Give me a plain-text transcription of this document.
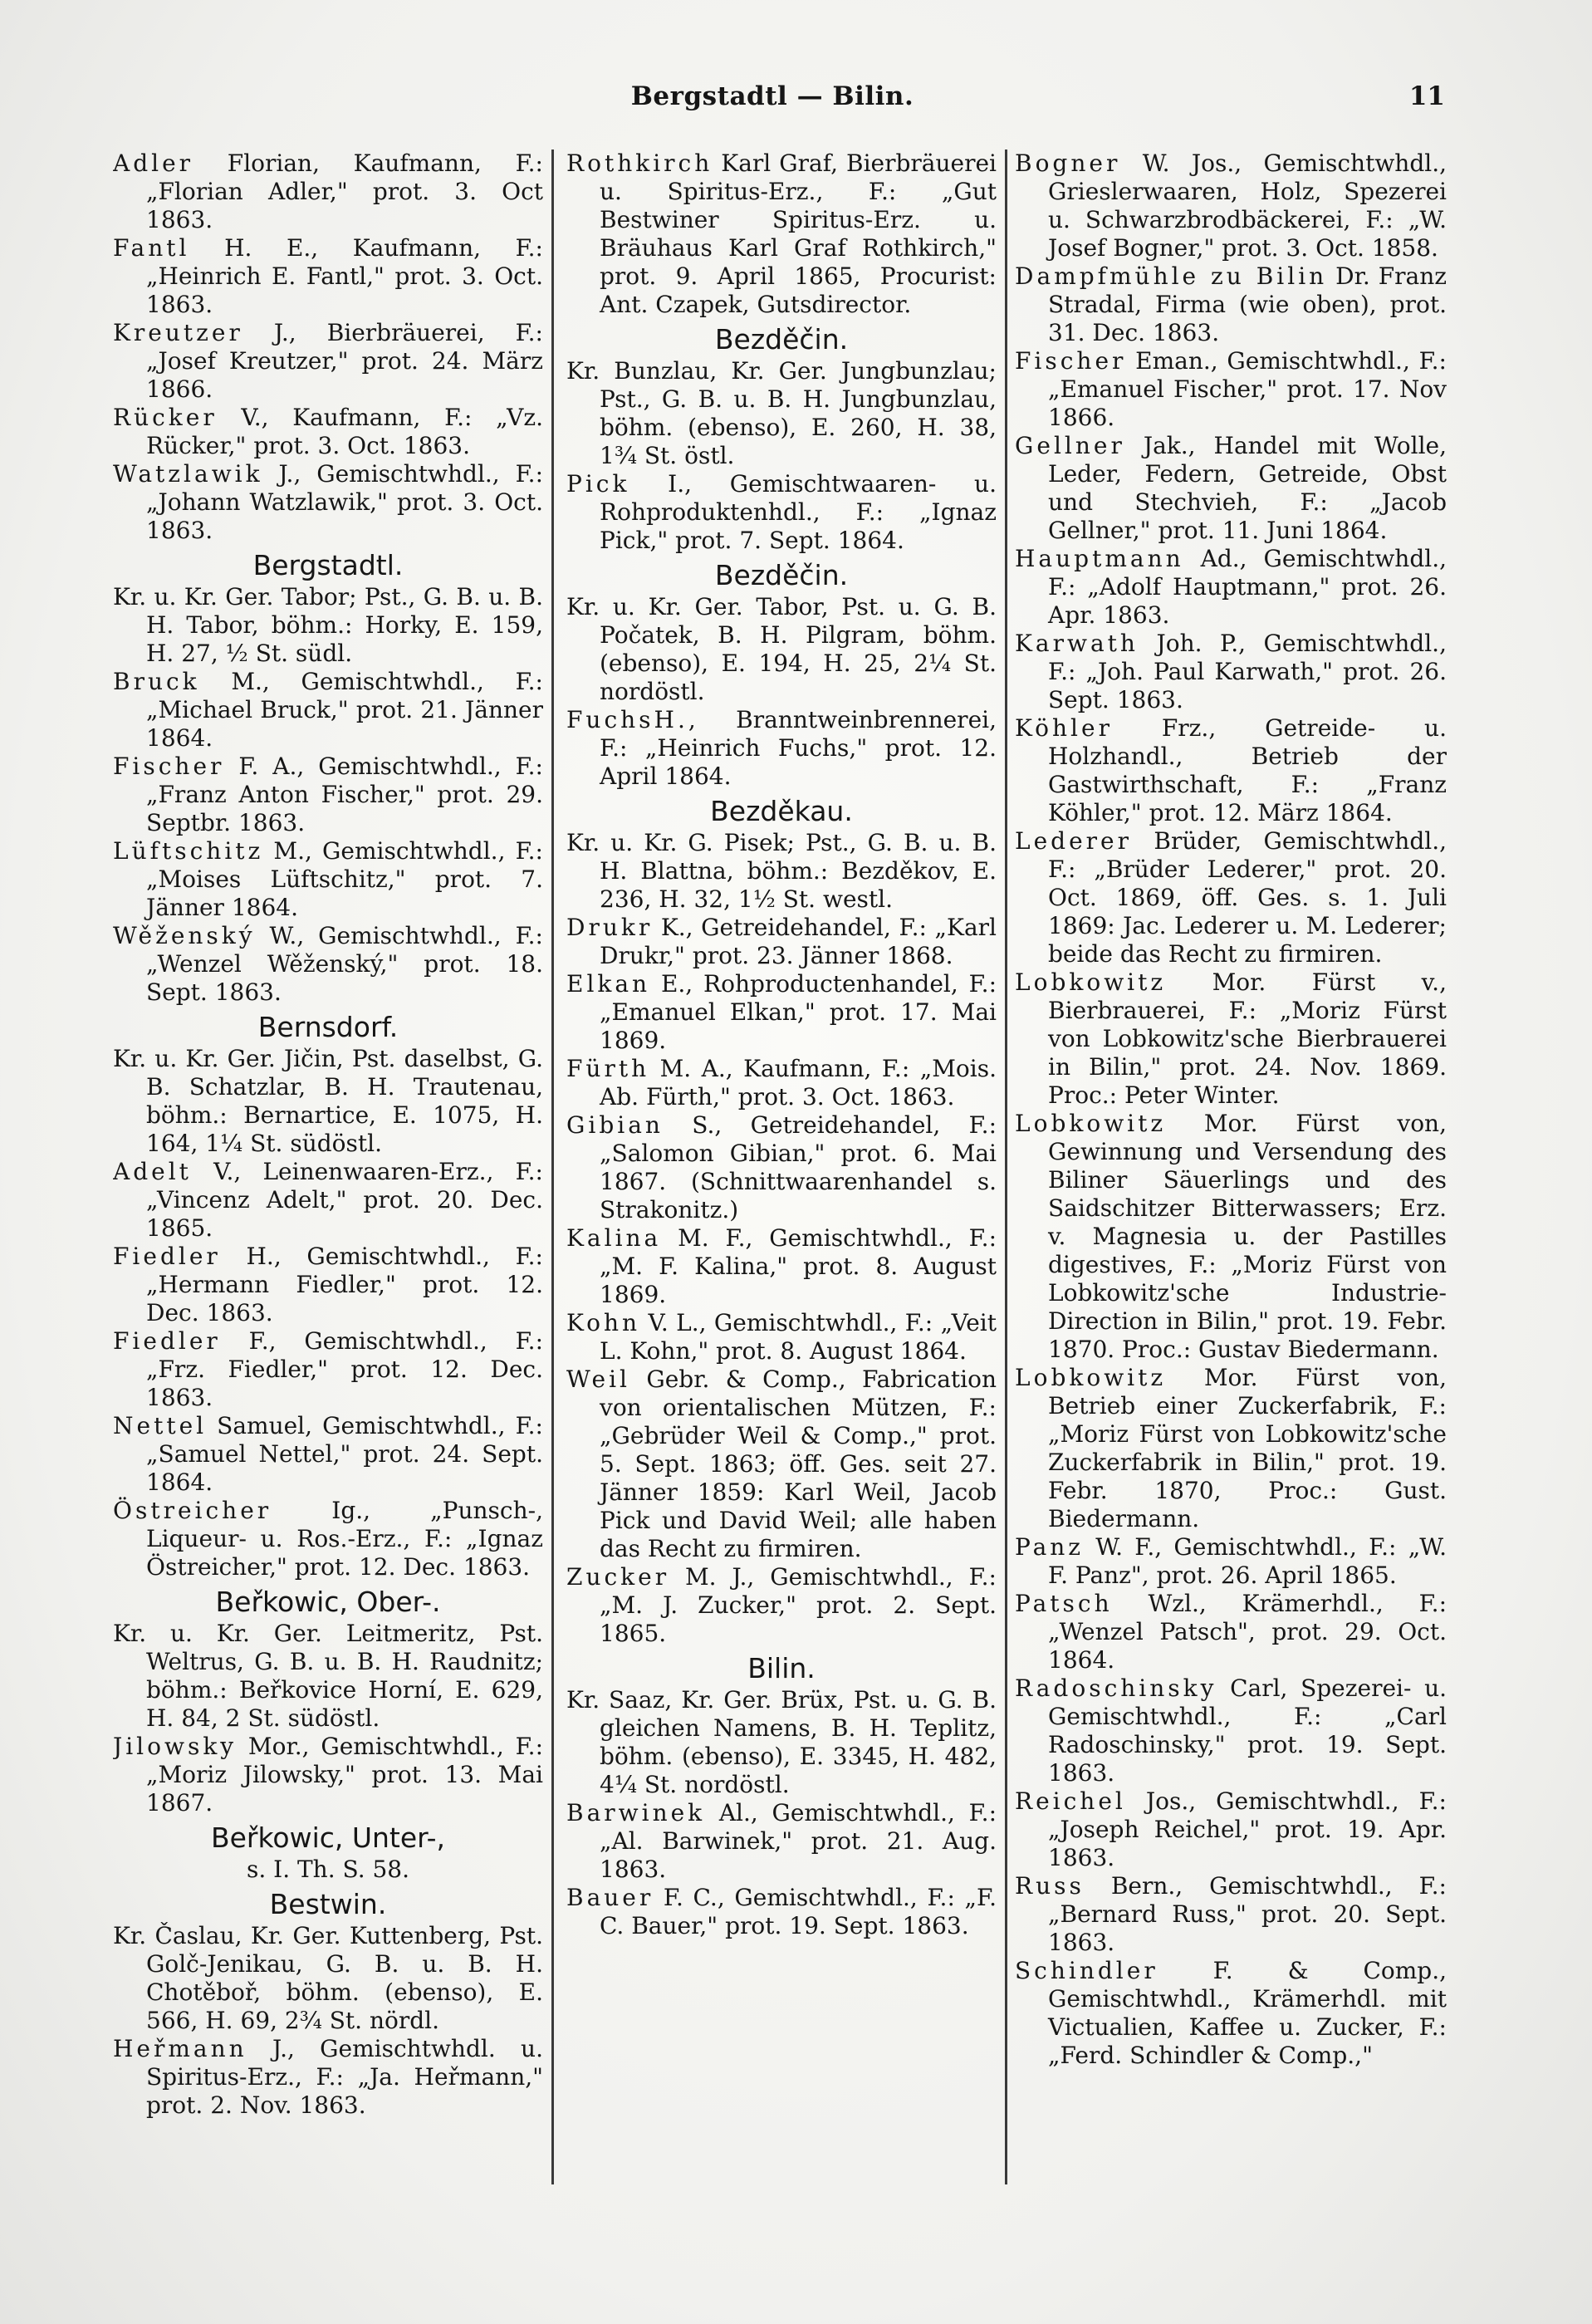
Bergstadtl — Bilin.	11

Adler Florian, Kaufmann, F.: „Florian Adler," prot. 3. Oct 1863.

Fantl H. E., Kaufmann, F.: „Heinrich E. Fantl," prot. 3. Oct. 1863.

Kreutzer J., Bierbräuerei, F.: „Josef Kreutzer," prot. 24. März 1866.

Rücker V., Kaufmann, F.: „Vz. Rücker," prot. 3. Oct. 1863.

Watzlawik J., Gemischtwhdl., F.: „Johann Watzlawik," prot. 3. Oct. 1863.

Bergstadtl.

Kr. u. Kr. Ger. Tabor; Pst., G. B. u. B. H. Tabor, böhm.: Horky, E. 159, H. 27, ½ St. südl.

Bruck M., Gemischtwhdl., F.: „Michael Bruck," prot. 21. Jänner 1864.

Fischer F. A., Gemischtwhdl., F.: „Franz Anton Fischer," prot. 29. Septbr. 1863.

Lüftschitz M., Gemischtwhdl., F.: „Moises Lüftschitz," prot. 7. Jänner 1864.

Wěženský W., Gemischtwhdl., F.: „Wenzel Wěženský," prot. 18. Sept. 1863.

Bernsdorf.

Kr. u. Kr. Ger. Jičin, Pst. daselbst, G. B. Schatzlar, B. H. Trautenau, böhm.: Bernartice, E. 1075, H. 164, 1¼ St. südöstl.

Adelt V., Leinenwaaren-Erz., F.: „Vincenz Adelt," prot. 20. Dec. 1865.

Fiedler H., Gemischtwhdl., F.: „Hermann Fiedler," prot. 12. Dec. 1863.

Fiedler F., Gemischtwhdl., F.: „Frz. Fiedler," prot. 12. Dec. 1863.

Nettel Samuel, Gemischtwhdl., F.: „Samuel Nettel," prot. 24. Sept. 1864.

Östreicher	Ig., „Punsch-, Liqueur- u. Ros.-Erz., F.: „Ignaz Östreicher," prot. 12. Dec. 1863.

Beřkowic, Ober-.

Kr. u. Kr. Ger. Leitmeritz, Pst. Weltrus, G. B. u. B. H. Raudnitz; böhm.: Beřkovice Horní, E. 629, H. 84, 2 St. südöstl.

Jilowsky Mor., Gemischtwhdl., F.: „Moriz Jilowsky," prot. 13. Mai 1867.

Beřkowic, Unter-,

s. I. Th. S. 58.

Bestwin.

Kr. Časlau, Kr. Ger. Kuttenberg, Pst. Golč-Jenikau, G. B. u. B. H. Chotěboř, böhm. (ebenso), E. 566, H. 69, 2¾ St. nördl.

Heřmann J., Gemischtwhdl. u. Spiritus-Erz., F.: „Ja. Heřmann," prot. 2. Nov. 1863.

Rothkirch Karl Graf, Bierbräuerei u. Spiritus-Erz., F.: „Gut Bestwiner Spiritus-Erz. u. Bräuhaus Karl Graf Rothkirch," prot. 9. April 1865, Procurist: Ant. Czapek, Gutsdirector.

Bezděčin.

Kr. Bunzlau, Kr. Ger. Jungbunzlau; Pst., G. B. u. B. H. Jungbunzlau, böhm. (ebenso), E. 260, H. 38, 1¾ St. östl.

Pick I., Gemischtwaaren- u. Rohproduktenhdl., F.: „Ignaz Pick," prot. 7. Sept. 1864.

Bezděčin.

Kr. u. Kr. Ger. Tabor, Pst. u. G. B. Počatek, B. H. Pilgram, böhm. (ebenso), E. 194, H. 25, 2¼ St. nordöstl.

FuchsH., Branntweinbrennerei, F.: „Heinrich Fuchs," prot. 12. April 1864.

Bezděkau.

Kr. u. Kr. G. Pisek; Pst., G. B. u. B. H. Blattna, böhm.: Bezděkov, E. 236, H. 32, 1½ St. westl.

Drukr K., Getreidehandel, F.: „Karl Drukr," prot. 23. Jänner 1868.

Elkan E., Rohproductenhandel, F.: „Emanuel Elkan," prot. 17. Mai 1869.

Fürth M. A., Kaufmann, F.: „Mois. Ab. Fürth," prot. 3. Oct. 1863.

Gibian S., Getreidehandel, F.: „Salomon Gibian," prot. 6. Mai 1867. (Schnittwaarenhandel s. Strakonitz.)

Kalina M. F., Gemischtwhdl., F.: „M. F. Kalina," prot. 8. August 1869.

Kohn V. L., Gemischtwhdl., F.: „Veit L. Kohn," prot. 8. August 1864.

Weil Gebr. & Comp., Fabrication von orientalischen Mützen, F.: „Gebrüder Weil & Comp.," prot. 5. Sept. 1863; öff. Ges. seit 27. Jänner 1859: Karl Weil, Jacob Pick und David Weil; alle haben das Recht zu firmiren.

Zucker M. J., Gemischtwhdl., F.: „M. J. Zucker," prot. 2. Sept. 1865.

Bilin.

Kr. Saaz, Kr. Ger. Brüx, Pst. u. G. B. gleichen Namens, B. H. Teplitz, böhm. (ebenso), E. 3345, H. 482, 4¼ St. nordöstl.

Barwinek Al., Gemischtwhdl., F.: „Al. Barwinek," prot. 21. Aug. 1863.

Bauer F. C., Gemischtwhdl., F.: „F. C. Bauer," prot. 19. Sept. 1863.

Bogner W. Jos., Gemischtwhdl., Grieslerwaaren, Holz, Spezerei u. Schwarzbrodbäckerei, F.: „W. Josef Bogner," prot. 3. Oct. 1858.

Dampfmühle zu Bilin Dr. Franz Stradal, Firma (wie oben), prot. 31. Dec. 1863.

Fischer Eman., Gemischtwhdl., F.: „Emanuel Fischer," prot. 17. Nov 1866.

Gellner Jak., Handel mit Wolle, Leder, Federn, Getreide, Obst und Stechvieh, F.: „Jacob Gellner," prot. 11. Juni 1864.

Hauptmann Ad., Gemischtwhdl., F.: „Adolf Hauptmann," prot. 26. Apr. 1863.

Karwath Joh. P., Gemischtwhdl., F.: „Joh. Paul Karwath," prot. 26. Sept. 1863.

Köhler Frz., Getreide- u. Holzhandl., Betrieb der Gastwirthschaft, F.: „Franz Köhler," prot. 12. März 1864.

Lederer Brüder, Gemischtwhdl., F.: „Brüder Lederer," prot. 20. Oct. 1869, öff. Ges. s. 1. Juli 1869: Jac. Lederer u. M. Lederer; beide das Recht zu firmiren.

Lobkowitz Mor. Fürst v., Bierbrauerei, F.: „Moriz Fürst von Lobkowitz'sche Bierbrauerei in Bilin," prot. 24. Nov. 1869. Proc.: Peter Winter.

Lobkowitz Mor. Fürst von, Gewinnung und Versendung des Biliner Säuerlings und des Saidschitzer Bitterwassers; Erz. v. Magnesia u. der Pastilles digestives, F.: „Moriz Fürst von Lobkowitz'sche Industrie-Direction in Bilin," prot. 19. Febr. 1870. Proc.: Gustav Biedermann.

Lobkowitz Mor. Fürst von, Betrieb einer Zuckerfabrik, F.: „Moriz Fürst von Lobkowitz'sche Zuckerfabrik in Bilin," prot. 19. Febr. 1870, Proc.: Gust. Biedermann.

Panz W. F., Gemischtwhdl., F.: „W. F. Panz", prot. 26. April 1865.

Patsch Wzl., Krämerhdl., F.: „Wenzel Patsch", prot. 29. Oct. 1864.

Radoschinsky Carl, Spezerei- u. Gemischtwhdl., F.: „Carl Radoschinsky," prot. 19. Sept. 1863.

Reichel Jos., Gemischtwhdl., F.: „Joseph Reichel," prot. 19. Apr. 1863.

Russ Bern., Gemischtwhdl., F.: „Bernard Russ," prot. 20. Sept. 1863.

Schindler F. & Comp., Gemischtwhdl., Krämerhdl. mit Victualien, Kaffee u. Zucker, F.: „Ferd. Schindler & Comp.,"
